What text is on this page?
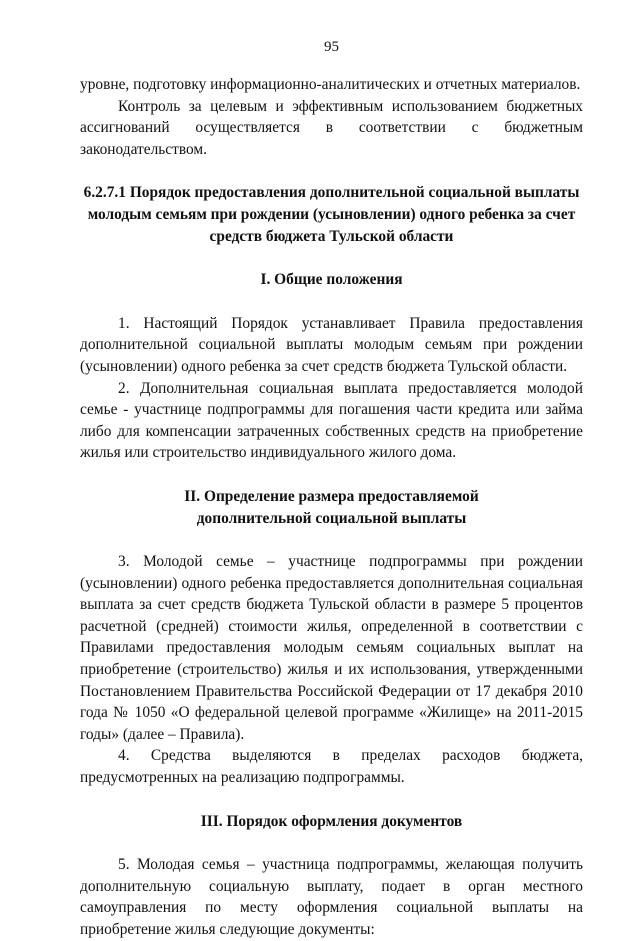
95

уровне, подготовку информационно-аналитических и отчетных материалов.

Контроль за целевым и эффективным использованием бюджетных ассигнований осуществляется в соответствии с бюджетным законодательством.

6.2.7.1 Порядок предоставления дополнительной социальной выплаты
молодым семьям при рождении (усыновлении) одного ребенка за счет
средств бюджета Тульской области
I. Общие положения

1. Настоящий Порядок устанавливает Правила предоставления дополнительной социальной выплаты молодым семьям при рождении (усыновлении) одного ребенка за счет средств бюджета Тульской области.

2. Дополнительная социальная выплата предоставляется молодой семье - участнице подпрограммы для погашения части кредита или займа либо для компенсации затраченных собственных средств на приобретение жилья или строительство индивидуального жилого дома.

II. Определение размера предоставляемой
дополнительной социальной выплаты

3. Молодой семье – участнице подпрограммы при рождении (усыновлении) одного ребенка предоставляется дополнительная социальная выплата за счет средств бюджета Тульской области в размере 5 процентов расчетной (средней) стоимости жилья, определенной в соответствии с Правилами предоставления молодым семьям социальных выплат на приобретение (строительство) жилья и их использования, утвержденными Постановлением Правительства Российской Федерации от 17 декабря 2010 года № 1050 «О федеральной целевой программе «Жилище» на 2011-2015 годы» (далее – Правила).

4. Средства выделяются в пределах расходов бюджета, предусмотренных на реализацию подпрограммы.

III. Порядок оформления документов

5. Молодая семья – участница подпрограммы, желающая получить дополнительную социальную выплату, подает в орган местного самоуправления по месту оформления социальной выплаты на приобретение жилья следующие документы:
